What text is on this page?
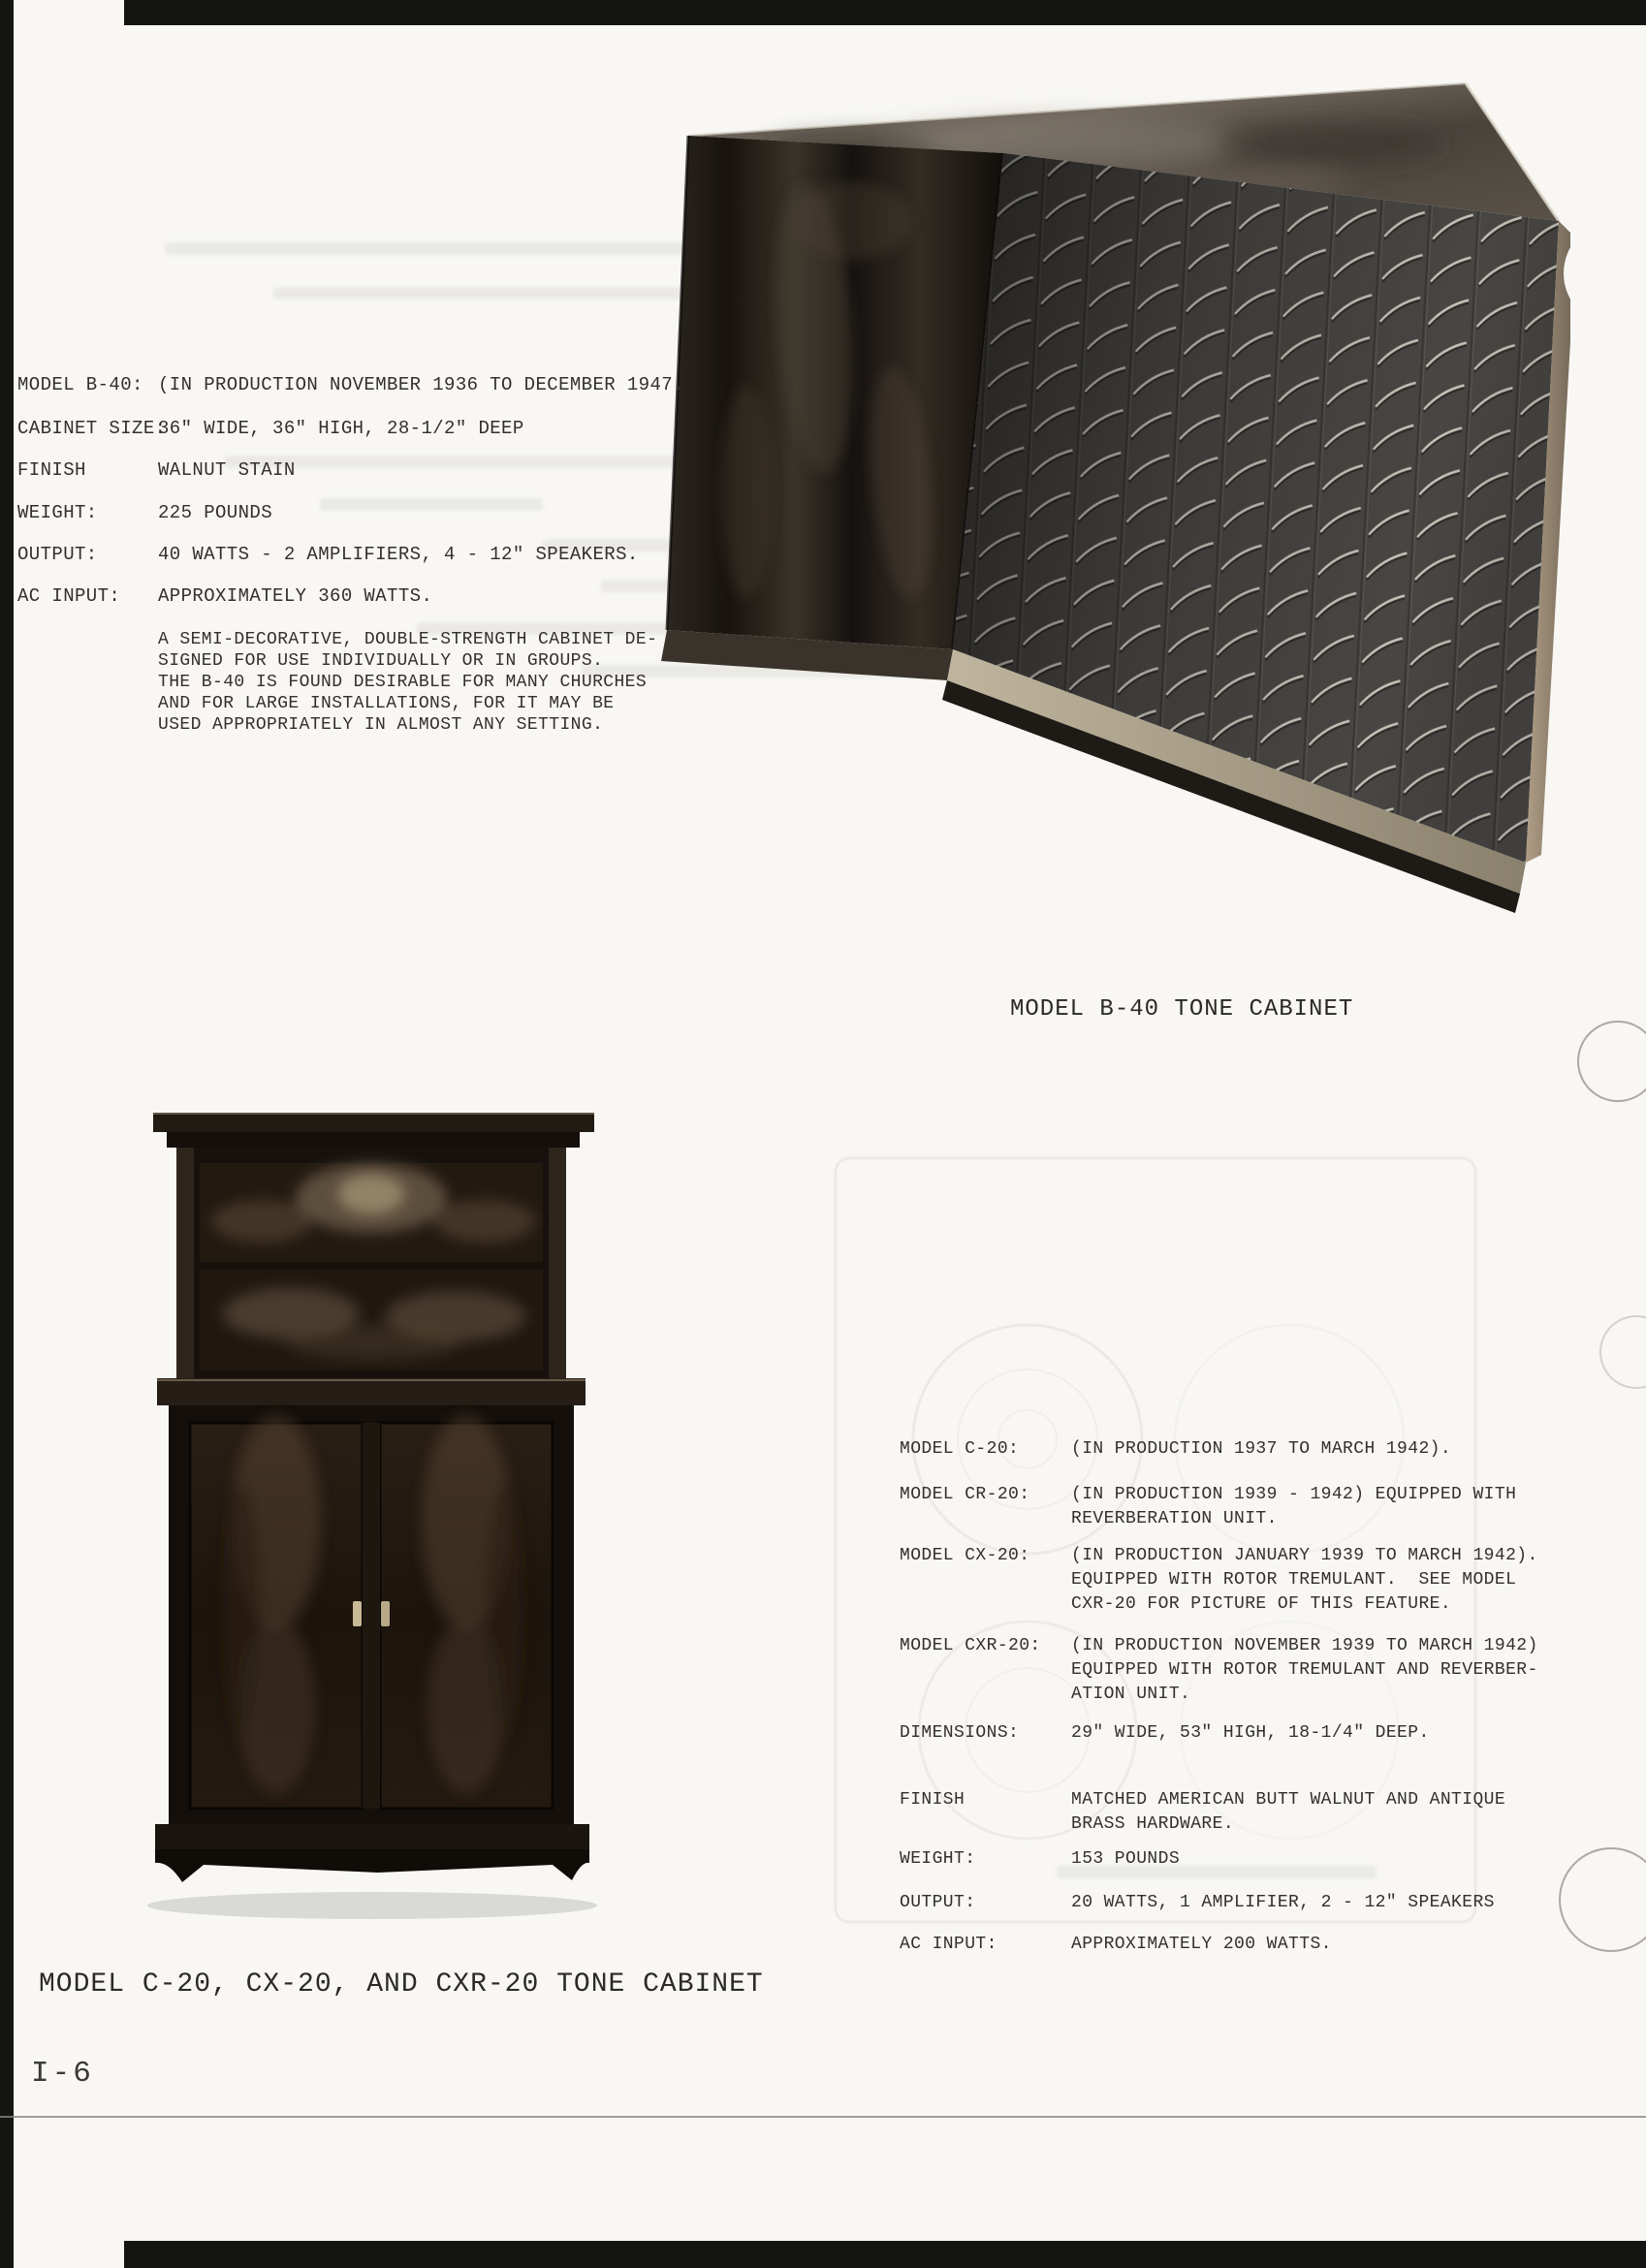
MODEL B-40: (IN PRODUCTION NOVEMBER 1936 TO DECEMBER 1947.
CABINET SIZE:
36" WIDE, 36" HIGH, 28-1/2" DEEP
FINISH	WALNUT STAIN
WEIGHT:	225 POUNDS
OUTPUT:	40 WATTS - 2 AMPLIFIERS, 4 - 12" SPEAKERS.
AC INPUT: APPROXIMATELY 360 WATTS.
A SEMI-DECORATIVE, DOUBLE-STRENGTH CABINET DE-
SIGNED FOR USE INDIVIDUALLY OR IN GROUPS.
THE B-40 IS FOUND DESIRABLE FOR MANY CHURCHES
AND FOR LARGE INSTALLATIONS, FOR IT MAY BE
USED APPROPRIATELY IN ALMOST ANY SETTING.
MODEL B-40 TONE CABINET
MODEL C-20:	(IN PRODUCTION 1937 TO MARCH 1942).
MODEL CR-20: (IN PRODUCTION 1939 - 1942) EQUIPPED WITH
REVERBERATION UNIT.
MODEL CX-20: (IN PRODUCTION JANUARY 1939 TO MARCH 1942).
EQUIPPED WITH ROTOR TREMULANT.  SEE MODEL
CXR-20 FOR PICTURE OF THIS FEATURE.
MODEL CXR-20: (IN PRODUCTION NOVEMBER 1939 TO MARCH 1942)
EQUIPPED WITH ROTOR TREMULANT AND REVERBER-
ATION UNIT.
DIMENSIONS:	29" WIDE, 53" HIGH, 18-1/4" DEEP.
FINISH	MATCHED AMERICAN BUTT WALNUT AND ANTIQUE
BRASS HARDWARE.
WEIGHT:	153 POUNDS
OUTPUT:	20 WATTS, 1 AMPLIFIER, 2 - 12" SPEAKERS
AC INPUT:	APPROXIMATELY 200 WATTS.
MODEL C-20, CX-20, AND CXR-20 TONE CABINET
I-6
